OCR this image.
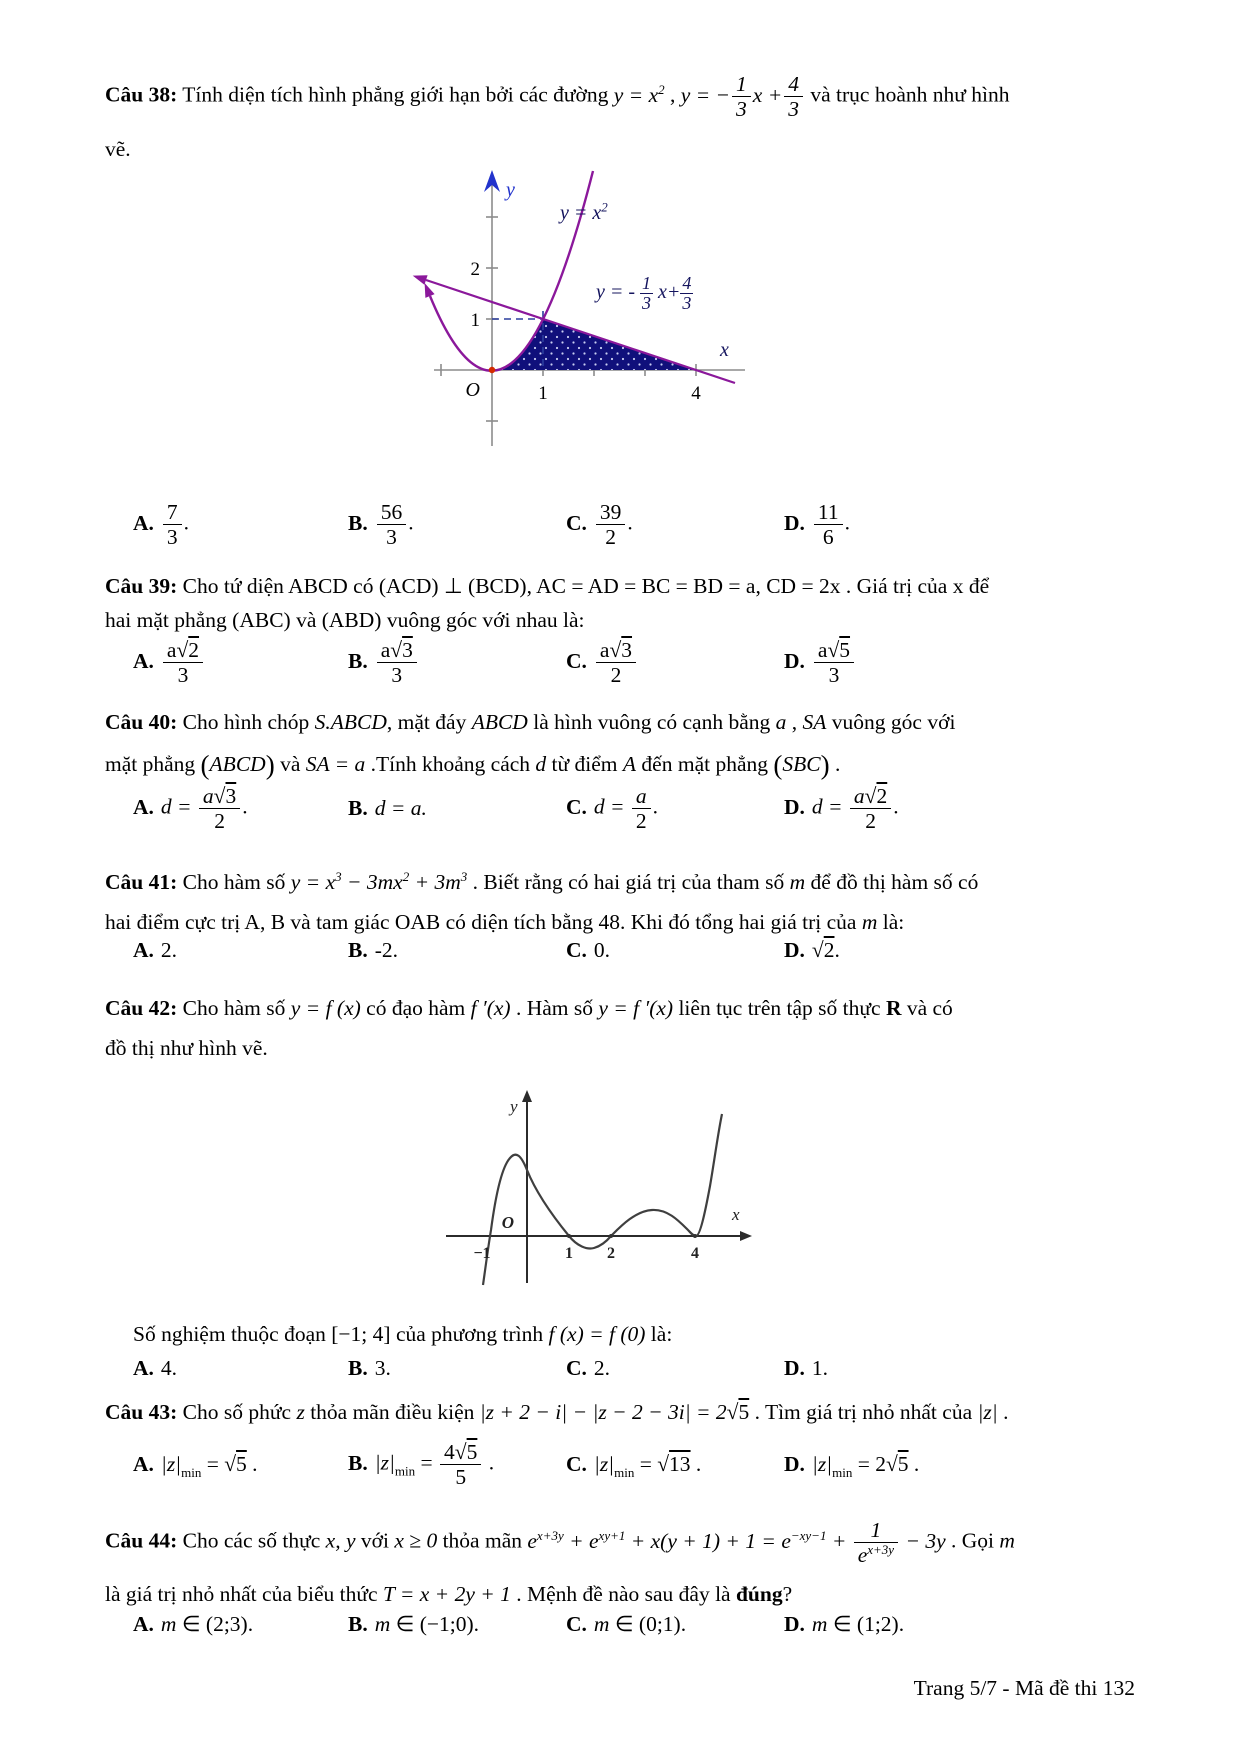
Câu 38: Tính diện tích hình phẳng giới hạn bởi các đường $y = x^2$ , y = − $\frac{1}{3}$ $x + \frac{4}{3}$ và trục hoành như hình
vẽ.
2
1
O	1	4
x
y
$y = x^2$
y = - $\frac{1}{3} x+ \frac{4}{3}$
A. $\frac{7}{3}$ .	B. $\frac{56}{3}$ .	C. $\frac{39}{2}$ .	D. $\frac{11}{6}$ .
Câu 39: Cho tứ diện ABCD có (ACD) ⊥ (BCD), AC = AD = BC = BD = a, CD = 2x . Giá trị của x để
hai mặt phẳng (ABC) và (ABD) vuông góc với nhau là:
A. $\frac{a√2}{3}$	B. $\frac{a√3}{3}$	C. $\frac{a√3}{2}$	D. $\frac{a√5}{3}$
Câu 40: Cho hình chóp S.ABCD, mặt đáy ABCD là hình vuông có cạnh bằng a , SA vuông góc với
mặt phẳng (ABCD) và SA = a .Tính khoảng cách d từ điểm A đến mặt phẳng (SBC) .
A. $d = \frac{a√3}{2}$ .	B. d = a.	C. $d = \frac{a}{2}$ .	D. $d = \frac{a√2}{2}$ .
Câu 41: Cho hàm số $y = x^3 - 3mx^2 + 3m^3$ . Biết rằng có hai giá trị của tham số m để đồ thị hàm số có
hai điểm cực trị A, B và tam giác OAB có diện tích bằng 48. Khi đó tổng hai giá trị của m là:
A. 2.	B. -2.	C. 0.	D. √2.
Câu 42: Cho hàm số y = f (x) có đạo hàm f ′(x) . Hàm số y = f ′(x) liên tục trên tập số thực R và có
đồ thị như hình vẽ.
O
−1	1 2	4
y
x
Số nghiệm thuộc đoạn [−1; 4] của phương trình f (x) = f (0) là:
A. 4.	B. 3.	C. 2.	D. 1.
Câu 43: Cho số phức z thỏa mãn điều kiện |z + 2 − i| − |z − 2 − 3i| = 2√5 . Tìm giá trị nhỏ nhất của |z| .
A. $|z|_{min} = √5$ .	B. $|z|_{min} = \frac{4√5}{5}$ .	C. $|z|_{min} = √13$ .	D. $|z|_{min} = 2√5$ .
Câu 44: Cho các số thực x, y với x ≥ 0 thỏa mãn $e^{x+3y} + e^{xy+1} + x(y + 1) + 1 = e^{-xy-1} + \frac{1}{e^{x+3y}} - 3y$ . Gọi m
là giá trị nhỏ nhất của biểu thức T = x + 2y + 1 . Mệnh đề nào sau đây là đúng?
A. m ∈ (2;3).	B. m ∈ (−1;0).	C. m ∈ (0;1).	D. m ∈ (1;2).
Trang 5/7 - Mã đề thi 132
